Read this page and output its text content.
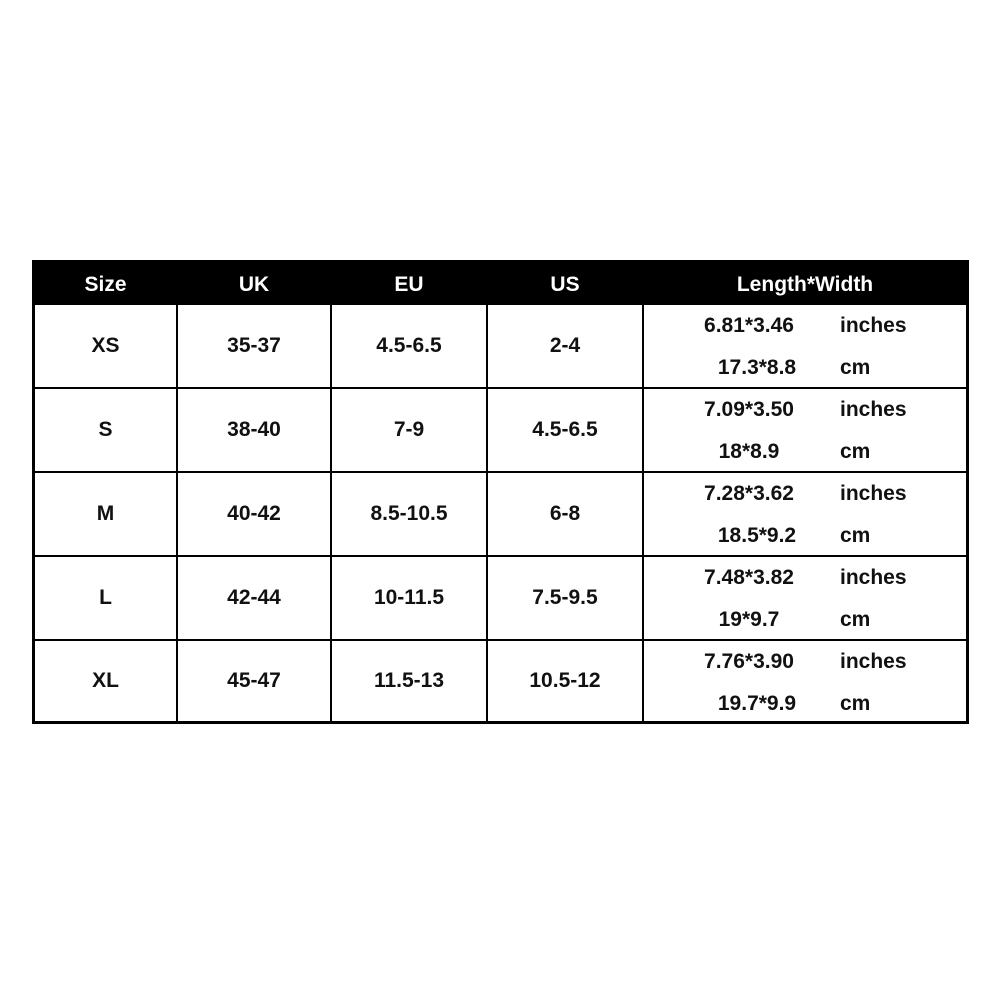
Size	UK	EU	US	Length*Width
XS	35-37	4.5-6.5	2-4
6.81*3.46	inches
17.3*8.8	cm
S	38-40	7-9	4.5-6.5
7.09*3.50	inches
18*8.9	cm
M	40-42	8.5-10.5	6-8
7.28*3.62	inches
18.5*9.2	cm
L	42-44	10-11.5	7.5-9.5
7.48*3.82	inches
19*9.7	cm
XL	45-47	11.5-13	10.5-12
7.76*3.90	inches
19.7*9.9	cm
